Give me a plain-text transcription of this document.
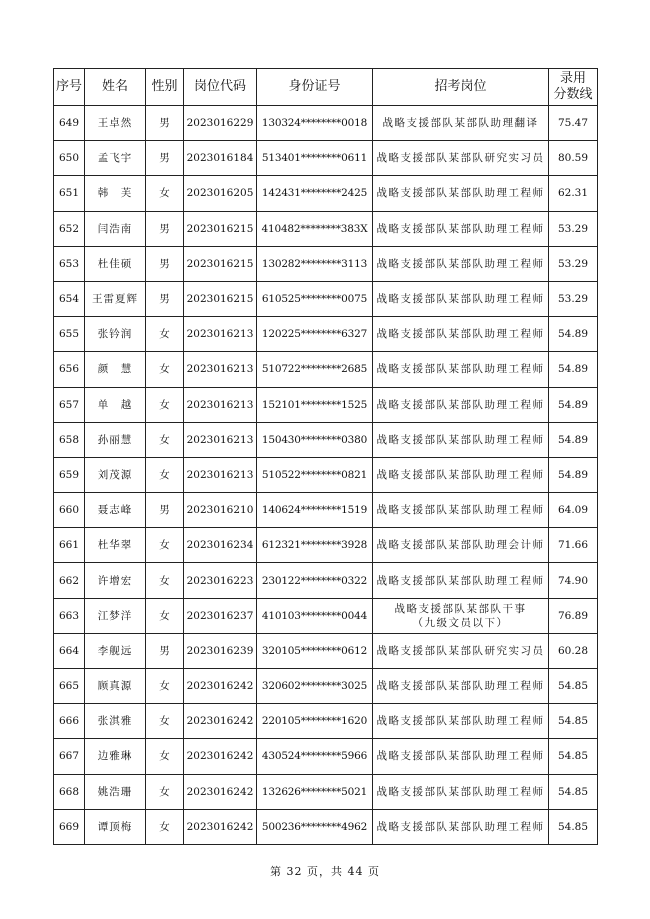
序号	姓名	性别	岗位代码	身份证号	招考岗位	录用
分数线

649	王卓然	男	2023016229	130324********0018	战略支援部队某部队助理翻译	75.47
650	孟飞宇	男	2023016184	513401********0611	战略支援部队某部队研究实习员	80.59
651	韩　芙	女	2023016205	142431********2425	战略支援部队某部队助理工程师	62.31
652	闫浩南	男	2023016215	410482********383X	战略支援部队某部队助理工程师	53.29
653	杜佳硕	男	2023016215	130282********3113	战略支援部队某部队助理工程师	53.29
654	王雷夏辉	男	2023016215	610525********0075	战略支援部队某部队助理工程师	53.29
655	张钤润	女	2023016213	120225********6327	战略支援部队某部队助理工程师	54.89
656	颜　慧	女	2023016213	510722********2685	战略支援部队某部队助理工程师	54.89
657	单　越	女	2023016213	152101********1525	战略支援部队某部队助理工程师	54.89
658	孙丽慧	女	2023016213	150430********0380	战略支援部队某部队助理工程师	54.89
659	刘茂源	女	2023016213	510522********0821	战略支援部队某部队助理工程师	54.89
660	聂志峰	男	2023016210	140624********1519	战略支援部队某部队助理工程师	64.09
661	杜华翠	女	2023016234	612321********3928	战略支援部队某部队助理会计师	71.66
662	许增宏	女	2023016223	230122********0322	战略支援部队某部队助理工程师	74.90
663	江梦洋	女	2023016237	410103********0044	战略支援部队某部队干事
（九级文员以下）	76.89
664	李舰远	男	2023016239	320105********0612	战略支援部队某部队研究实习员	60.28
665	顾真源	女	2023016242	320602********3025	战略支援部队某部队助理工程师	54.85
666	张淇雅	女	2023016242	220105********1620	战略支援部队某部队助理工程师	54.85
667	边雅琳	女	2023016242	430524********5966	战略支援部队某部队助理工程师	54.85
668	姚浩珊	女	2023016242	132626********5021	战略支援部队某部队助理工程师	54.85
669	谭顶梅	女	2023016242	500236********4962	战略支援部队某部队助理工程师	54.85
第 32 页，共 44 页
